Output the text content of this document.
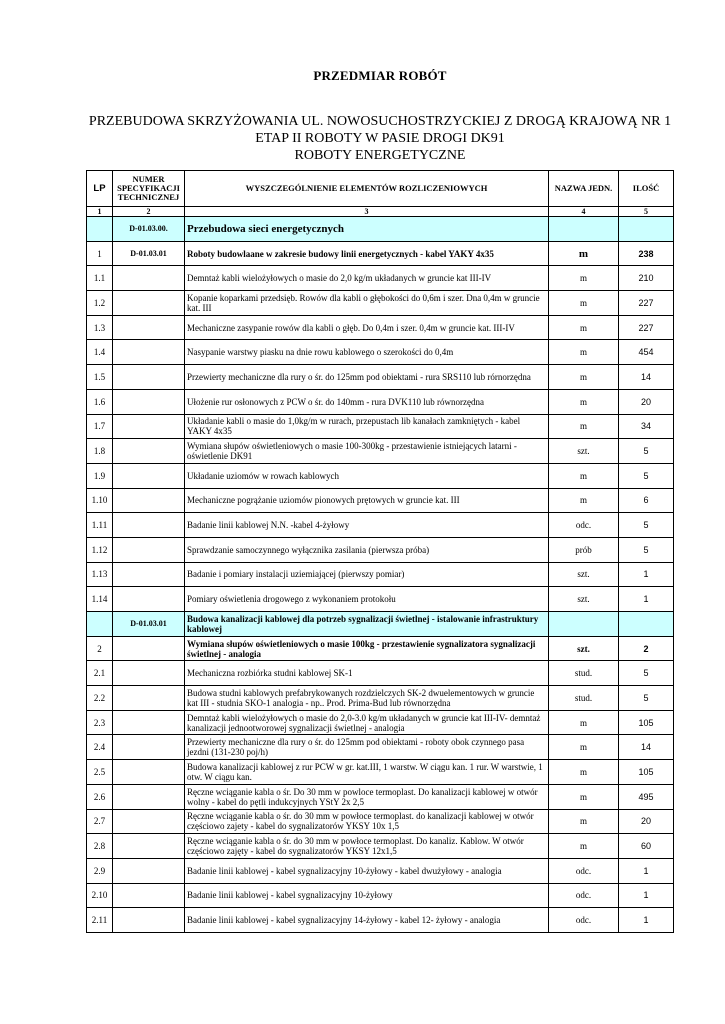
PRZEDMIAR ROBÓT
PRZEBUDOWA SKRZYŻOWANIA UL. NOWOSUCHOSTRZYCKIEJ Z DROGĄ KRAJOWĄ NR 1
ETAP II ROBOTY W PASIE DROGI DK91
ROBOTY ENERGETYCZNE
LP	NUMER SPECYFIKACJI TECHNICZNEJ	WYSZCZEGÓLNIENIE ELEMENTÓW ROZLICZENIOWYCH	NAZWA JEDN.	ILOŚĆ
1	2	3	4	5
	D-01.03.00.	Przebudowa sieci energetycznych		
1	D-01.03.01	Roboty budowlaane w zakresie budowy linii energetycznych - kabel YAKY 4x35	m	238
1.1		Demntaż kabli wielożyłowych o masie do 2,0 kg/m układanych w gruncie kat III-IV	m	210
1.2		Kopanie koparkami przedsięb. Rowów dla kabli o głębokości do 0,6m i szer. Dna 0,4m w gruncie kat. III	m	227
1.3		Mechaniczne zasypanie rowów dla kabli o głęb. Do 0,4m i szer. 0,4m w gruncie kat. III-IV	m	227
1.4		Nasypanie warstwy piasku na dnie rowu kablowego o szerokości do 0,4m	m	454
1.5		Przewierty mechaniczne dla rury o śr. do 125mm pod obiektami - rura SRS110 lub rórnorzędna	m	14
1.6		Ułożenie rur osłonowych z PCW o śr. do 140mm - rura DVK110 lub równorzędna	m	20
1.7		Układanie kabli o masie do 1,0kg/m w rurach, przepustach lib kanałach zamkniętych - kabel YAKY 4x35	m	34
1.8		Wymiana słupów oświetleniowych o masie 100-300kg - przestawienie istniejących latarni - oświetlenie DK91	szt.	5
1.9		Układanie uziomów w rowach kablowych	m	5
1.10		Mechaniczne pogrążanie uziomów pionowych prętowych w gruncie kat. III	m	6
1.11		Badanie linii kablowej N.N. -kabel 4-żyłowy	odc.	5
1.12		Sprawdzanie samoczynnego wyłącznika zasilania (pierwsza próba)	prób	5
1.13		Badanie i pomiary instalacji uziemiającej (pierwszy pomiar)	szt.	1
1.14		Pomiary oświetlenia drogowego z wykonaniem protokołu	szt.	1
	D-01.03.01	Budowa kanalizacji kablowej dla potrzeb sygnalizacji świetlnej - istalowanie infrastruktury kablowej		
2		Wymiana słupów oświetleniowych o masie 100kg - przestawienie sygnalizatora sygnalizacji świetlnej - analogia	szt.	2
2.1		Mechaniczna rozbiórka studni kablowej SK-1	stud.	5
2.2		Budowa studni kablowych prefabrykowanych rozdzielczych SK-2 dwuelementowych w gruncie kat III - studnia SKO-1 analogia - np.. Prod. Prima-Bud lub równorzędna	stud.	5
2.3		Demntaż kabli wielożyłowych o masie do 2,0-3.0 kg/m układanych w gruncie kat III-IV- demntaż kanalizacji jednootworowej sygnalizacji świetlnej - analogia	m	105
2.4		Przewierty mechaniczne dla rury o śr. do 125mm pod obiektami - roboty obok czynnego pasa jezdni (131-230 poj/h)	m	14
2.5		Budowa kanalizacji kablowej z rur PCW w gr. kat.III, 1 warstw. W ciągu kan. 1 rur. W warstwie, 1 otw. W ciągu kan.	m	105
2.6		Ręczne wciąganie kabla o śr. Do 30 mm w powloce termoplast. Do kanalizacji kablowej w otwór wolny - kabel do pętli indukcyjnych YStY 2x 2,5	m	495
2.7		Ręczne wciąganie kabla o śr. do 30 mm w powłoce termoplast. do kanalizacji kablowej w otwór częściowo zajety - kabel do sygnalizatorów YKSY 10x 1,5	m	20
2.8		Ręczne wciąganie kabla o śr. do 30 mm w powłoce termoplast. Do kanaliz. Kablow. W otwór częściowo zajęty - kabel do sygnalizatorów YKSY 12x1,5	m	60
2.9		Badanie linii kablowej - kabel sygnalizacyjny 10-żyłowy - kabel dwużyłowy - analogia	odc.	1
2.10		Badanie linii kablowej - kabel sygnalizacyjny 10-żyłowy	odc.	1
2.11		Badanie linii kablowej - kabel sygnalizacyjny 14-żyłowy - kabel 12- żyłowy - analogia	odc.	1
